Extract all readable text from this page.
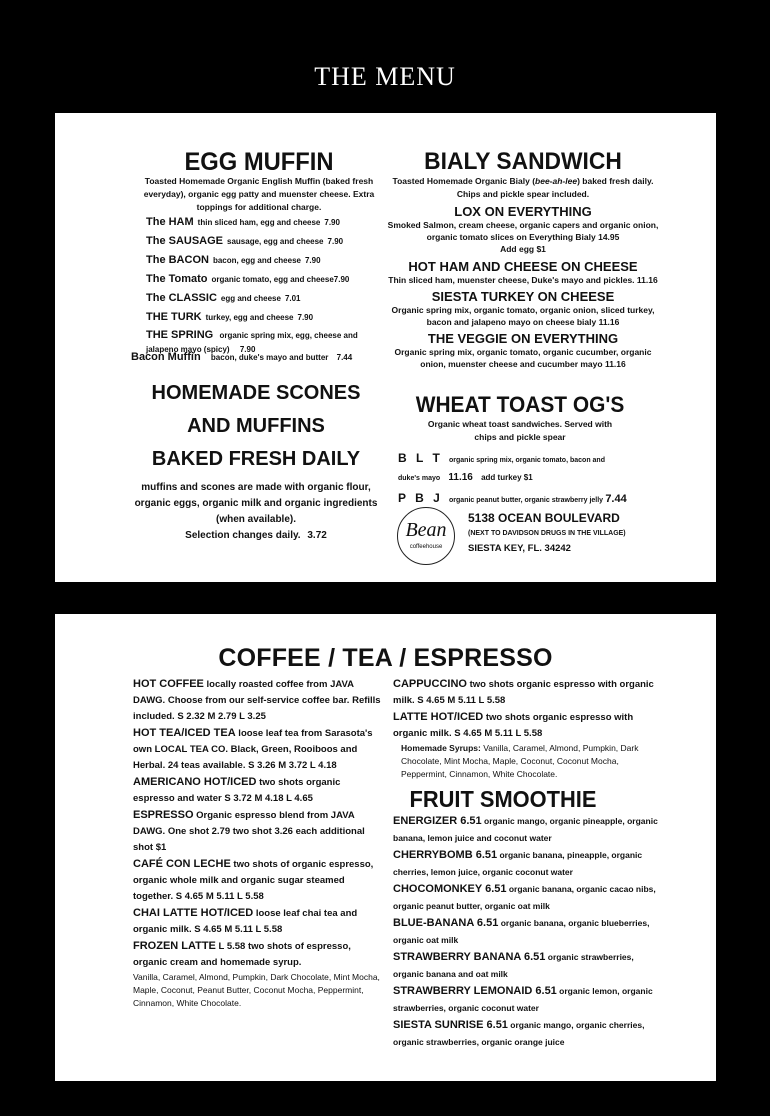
THE MENU
EGG MUFFIN
Toasted Homemade Organic English Muffin (baked fresh everyday), organic egg patty and muenster cheese. Extra toppings for additional charge.
The HAM thin sliced ham, egg and cheese 7.90
The SAUSAGE sausage, egg and cheese 7.90
The BACON bacon, egg and cheese 7.90
The Tomato organic tomato, egg and cheese7.90
The CLASSIC egg and cheese 7.01
THE TURK turkey, egg and cheese 7.90
THE SPRING organic spring mix, egg, cheese and
jalapeno mayo (spicy) 7.90
Bacon Muffin bacon, duke's mayo and butter 7.44
HOMEMADE SCONES
AND MUFFINS
BAKED FRESH DAILY
muffins and scones are made with organic flour, organic eggs, organic milk and organic ingredients (when available).
Selection changes daily. 3.72
BIALY SANDWICH
Toasted Homemade Organic Bialy (bee-ah-lee) baked fresh daily. Chips and pickle spear included.
LOX ON EVERYTHING
Smoked Salmon, cream cheese, organic capers and organic onion, organic tomato slices on Everything Bialy 14.95
Add egg $1
HOT HAM AND CHEESE ON CHEESE
Thin sliced ham, muenster cheese, Duke's mayo and pickles. 11.16
SIESTA TURKEY ON CHEESE
Organic spring mix, organic tomato, organic onion, sliced turkey, bacon and jalapeno mayo on cheese bialy 11.16
THE VEGGIE ON EVERYTHING
Organic spring mix, organic tomato, organic cucumber, organic onion, muenster cheese and cucumber mayo 11.16
WHEAT TOAST OG'S
Organic wheat toast sandwiches. Served with chips and pickle spear
B L T organic spring mix, organic tomato, bacon and
duke's mayo 11.16 add turkey $1
P B J organic peanut butter, organic strawberry jelly 7.44
Bean
coffeehouse
5138 OCEAN BOULEVARD
(NEXT TO DAVIDSON DRUGS IN THE VILLAGE)
SIESTA KEY, FL. 34242
COFFEE / TEA / ESPRESSO
HOT COFFEE locally roasted coffee from JAVA DAWG. Choose from our self-service coffee bar. Refills included. S 2.32 M 2.79 L 3.25
HOT TEA/ICED TEA loose leaf tea from Sarasota's own LOCAL TEA CO. Black, Green, Rooiboos and Herbal. 24 teas available. S 3.26 M 3.72 L 4.18
AMERICANO HOT/ICED two shots organic espresso and water S 3.72 M 4.18 L 4.65
ESPRESSO Organic espresso blend from JAVA DAWG. One shot 2.79 two shot 3.26 each additional shot $1
CAFÉ CON LECHE two shots of organic espresso, organic whole milk and organic sugar steamed together. S 4.65 M 5.11 L 5.58
CHAI LATTE HOT/ICED loose leaf chai tea and organic milk. S 4.65 M 5.11 L 5.58
FROZEN LATTE L 5.58 two shots of espresso, organic cream and homemade syrup.
Vanilla, Caramel, Almond, Pumpkin, Dark Chocolate, Mint Mocha, Maple, Coconut, Peanut Butter, Coconut Mocha, Peppermint, Cinnamon, White Chocolate.
CAPPUCCINO two shots organic espresso with organic milk. S 4.65 M 5.11 L 5.58
LATTE HOT/ICED two shots organic espresso with organic milk. S 4.65 M 5.11 L 5.58
Homemade Syrups: Vanilla, Caramel, Almond, Pumpkin, Dark Chocolate, Mint Mocha, Maple, Coconut, Coconut Mocha, Peppermint, Cinnamon, White Chocolate.
FRUIT SMOOTHIE
ENERGIZER 6.51 organic mango, organic pineapple, organic banana, lemon juice and coconut water
CHERRYBOMB 6.51 organic banana, pineapple, organic cherries, lemon juice, organic coconut water
CHOCOMONKEY 6.51 organic banana, organic cacao nibs, organic peanut butter, organic oat milk
BLUE-BANANA 6.51 organic banana, organic blueberries, organic oat milk
STRAWBERRY BANANA 6.51 organic strawberries, organic banana and oat milk
STRAWBERRY LEMONAID 6.51 organic lemon, organic strawberries, organic coconut water
SIESTA SUNRISE 6.51 organic mango, organic cherries, organic strawberries, organic orange juice
